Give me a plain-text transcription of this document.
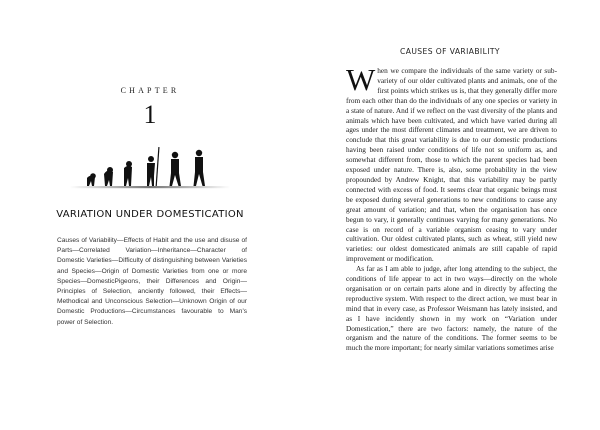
CHAPTER
1
VARIATION UNDER DOMESTICATION
Causes of Variability—Effects of Habit and the use and disuse of Parts—Correlated Variation—Inheritance—Character of Domestic Varieties—Difficulty of distinguishing between Varieties and Species—Origin of Domestic Varieties from one or more Species—DomesticPigeons, their Differences and Origin—Principles of Selection, anciently followed, their Effects—Methodical and Unconscious Selection—Unknown Origin of our Domestic Productions—Circumstances favourable to Man's power of Selection.
CAUSES OF VARIABILITY

When we compare the individuals of the same variety or sub-variety of our older cultivated plants and animals, one of the first points which strikes us is, that they generally differ more from each other than do the individuals of any one species or variety in a state of nature. And if we reflect on the vast diversity of the plants and animals which have been cultivated, and which have varied during all ages under the most different climates and treatment, we are driven to conclude that this great variability is due to our domestic productions having been raised under conditions of life not so uniform as, and somewhat different from, those to which the parent species had been exposed under nature. There is, also, some probability in the view propounded by Andrew Knight, that this variability may be partly connected with excess of food. It seems clear that organic beings must be exposed during several generations to new conditions to cause any great amount of variation; and that, when the organisation has once begun to vary, it generally continues varying for many generations. No case is on record of a variable organism ceasing to vary under cultivation. Our oldest cultivated plants, such as wheat, still yield new varieties: our oldest domesticated animals are still capable of rapid improvement or modification.

As far as I am able to judge, after long attending to the subject, the conditions of life appear to act in two ways—directly on the whole organisation or on certain parts alone and in directly by affecting the reproductive system. With respect to the direct action, we must bear in mind that in every case, as Professor Weismann has lately insisted, and as I have incidently shown in my work on “Variation under Domestication,” there are two factors: namely, the nature of the organism and the nature of the conditions. The former seems to be much the more important; for nearly similar variations sometimes arise
